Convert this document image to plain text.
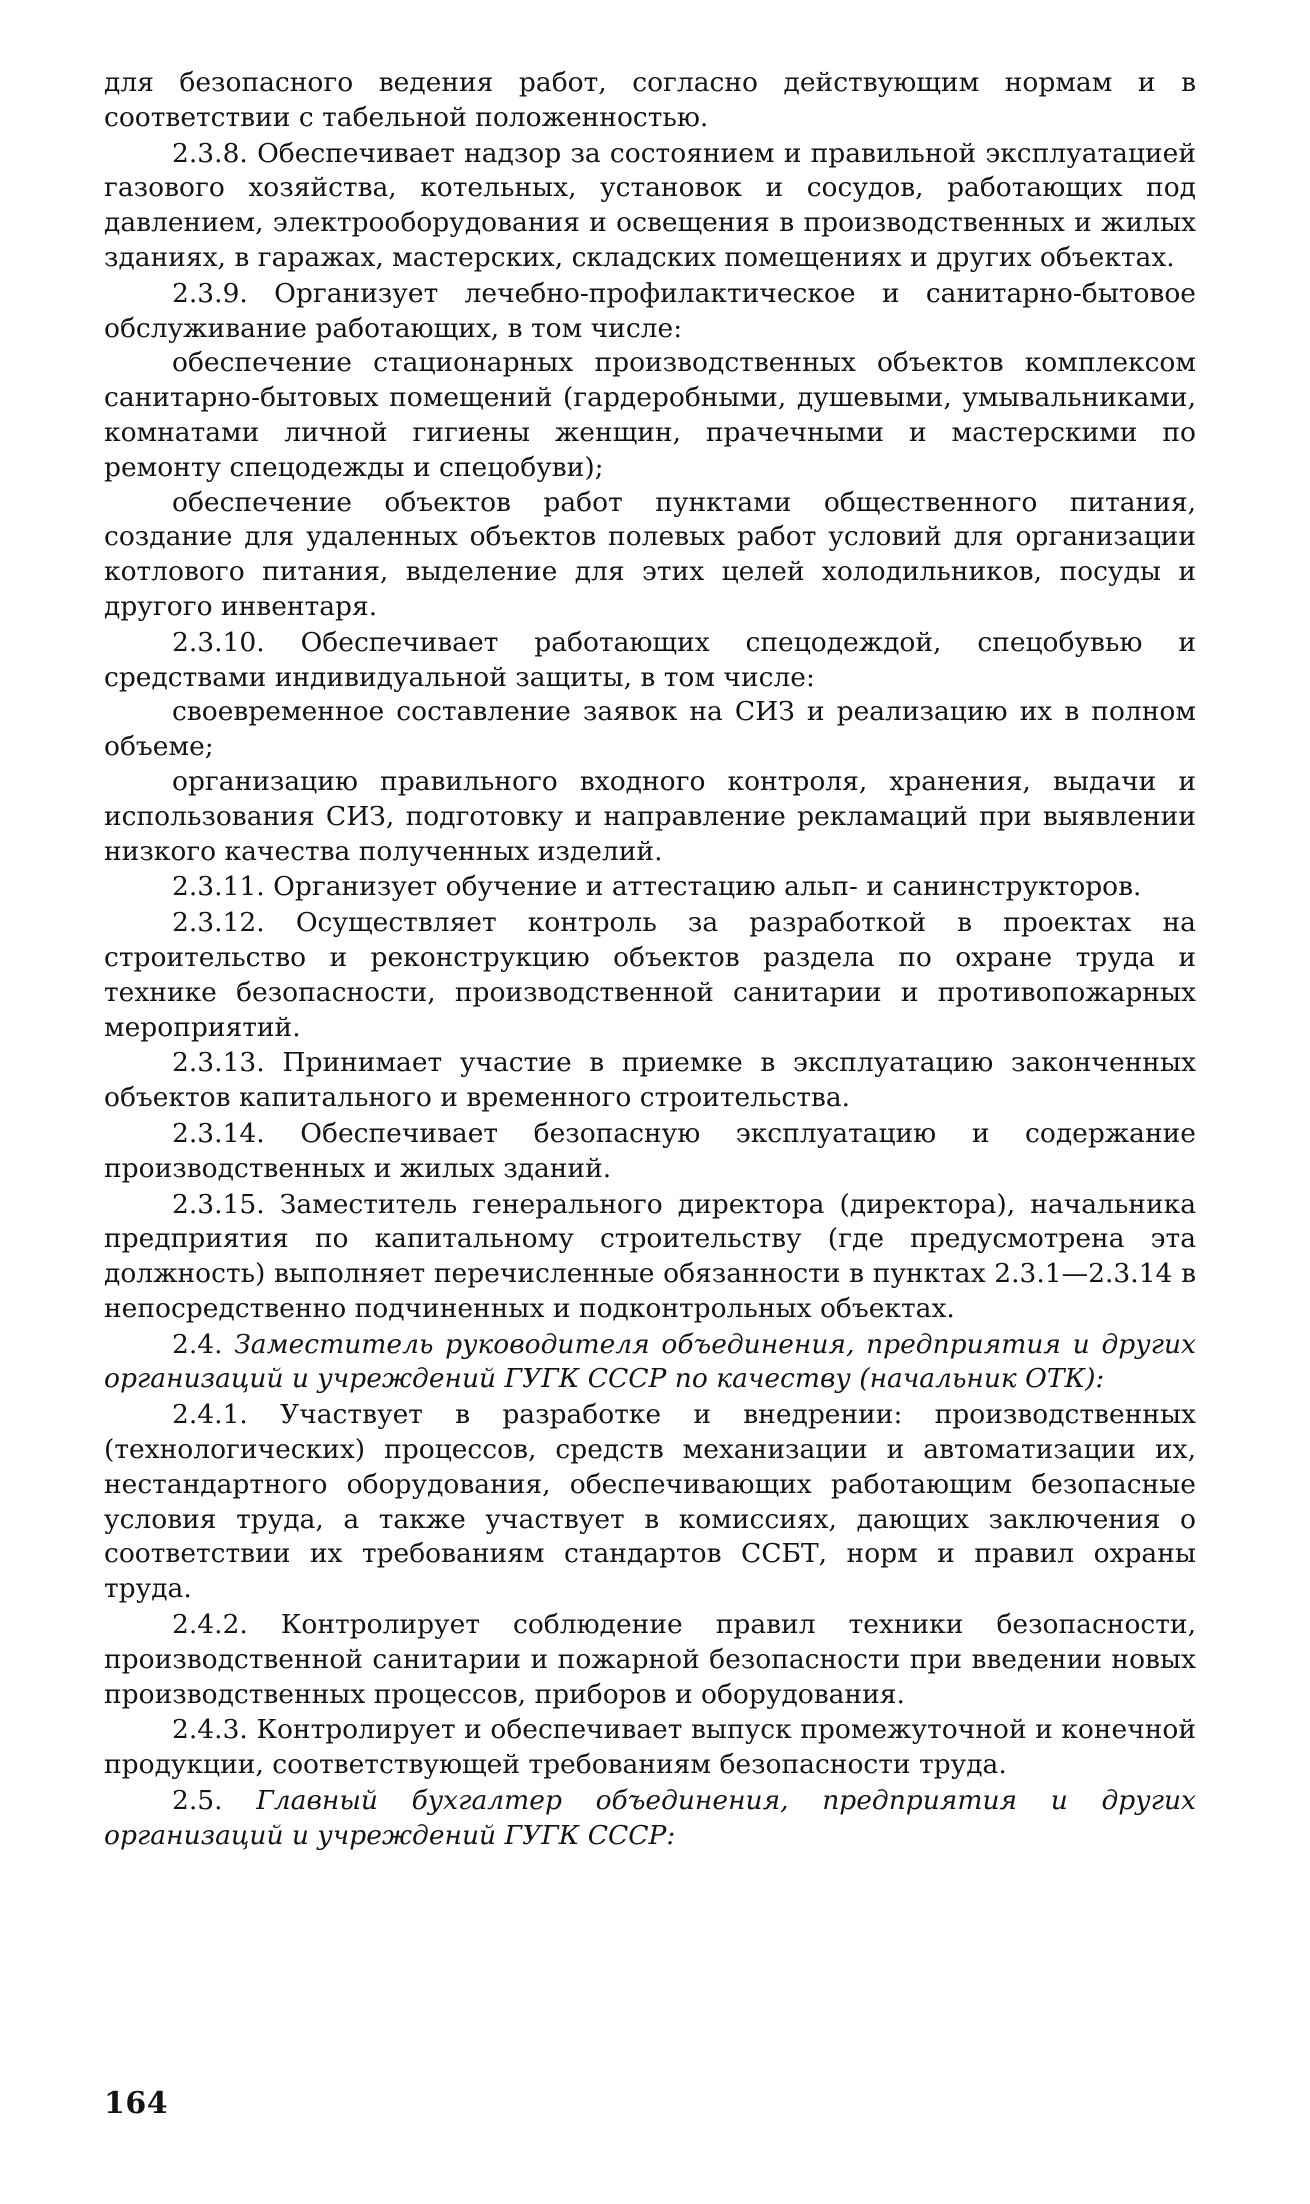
для безопасного ведения работ, согласно действующим нормам и в соответствии с табельной положенностью.

2.3.8. Обеспечивает надзор за состоянием и правильной эксплуатацией газового хозяйства, котельных, установок и сосудов, работающих под давлением, электрооборудования и освещения в производственных и жилых зданиях, в гаражах, мастерских, складских помещениях и других объектах.

2.3.9. Организует лечебно-профилактическое и санитарно-бытовое обслуживание работающих, в том числе:

обеспечение стационарных производственных объектов комплексом санитарно-бытовых помещений (гардеробными, душевыми, умывальниками, комнатами личной гигиены женщин, прачечными и мастерскими по ремонту спецодежды и спецобуви);

обеспечение объектов работ пунктами общественного питания, создание для удаленных объектов полевых работ условий для организации котлового питания, выделение для этих целей холодильников, посуды и другого инвентаря.

2.3.10. Обеспечивает работающих спецодеждой, спецобувью и средствами индивидуальной защиты, в том числе:

своевременное составление заявок на СИЗ и реализацию их в полном объеме;

организацию правильного входного контроля, хранения, выдачи и использования СИЗ, подготовку и направление рекламаций при выявлении низкого качества полученных изделий.

2.3.11. Организует обучение и аттестацию альп- и санинструкторов.

2.3.12. Осуществляет контроль за разработкой в проектах на строительство и реконструкцию объектов раздела по охране труда и технике безопасности, производственной санитарии и противопожарных мероприятий.

2.3.13. Принимает участие в приемке в эксплуатацию законченных объектов капитального и временного строительства.

2.3.14. Обеспечивает безопасную эксплуатацию и содержание производственных и жилых зданий.

2.3.15. Заместитель генерального директора (директора), начальника предприятия по капитальному строительству (где предусмотрена эта должность) выполняет перечисленные обязанности в пунктах 2.3.1—2.3.14 в непосредственно подчиненных и подконтрольных объектах.

2.4. Заместитель руководителя объединения, предприятия и других организаций и учреждений ГУГК СССР по качеству (начальник ОТК):

2.4.1. Участвует в разработке и внедрении: производственных (технологических) процессов, средств механизации и автоматизации их, нестандартного оборудования, обеспечивающих работающим безопасные условия труда, а также участвует в комиссиях, дающих заключения о соответствии их требованиям стандартов ССБТ, норм и правил охраны труда.

2.4.2. Контролирует соблюдение правил техники безопасности, производственной санитарии и пожарной безопасности при введении новых производственных процессов, приборов и оборудования.

2.4.3. Контролирует и обеспечивает выпуск промежуточной и конечной продукции, соответствующей требованиям безопасности труда.

2.5. Главный бухгалтер объединения, предприятия и других организаций и учреждений ГУГК СССР:

164
